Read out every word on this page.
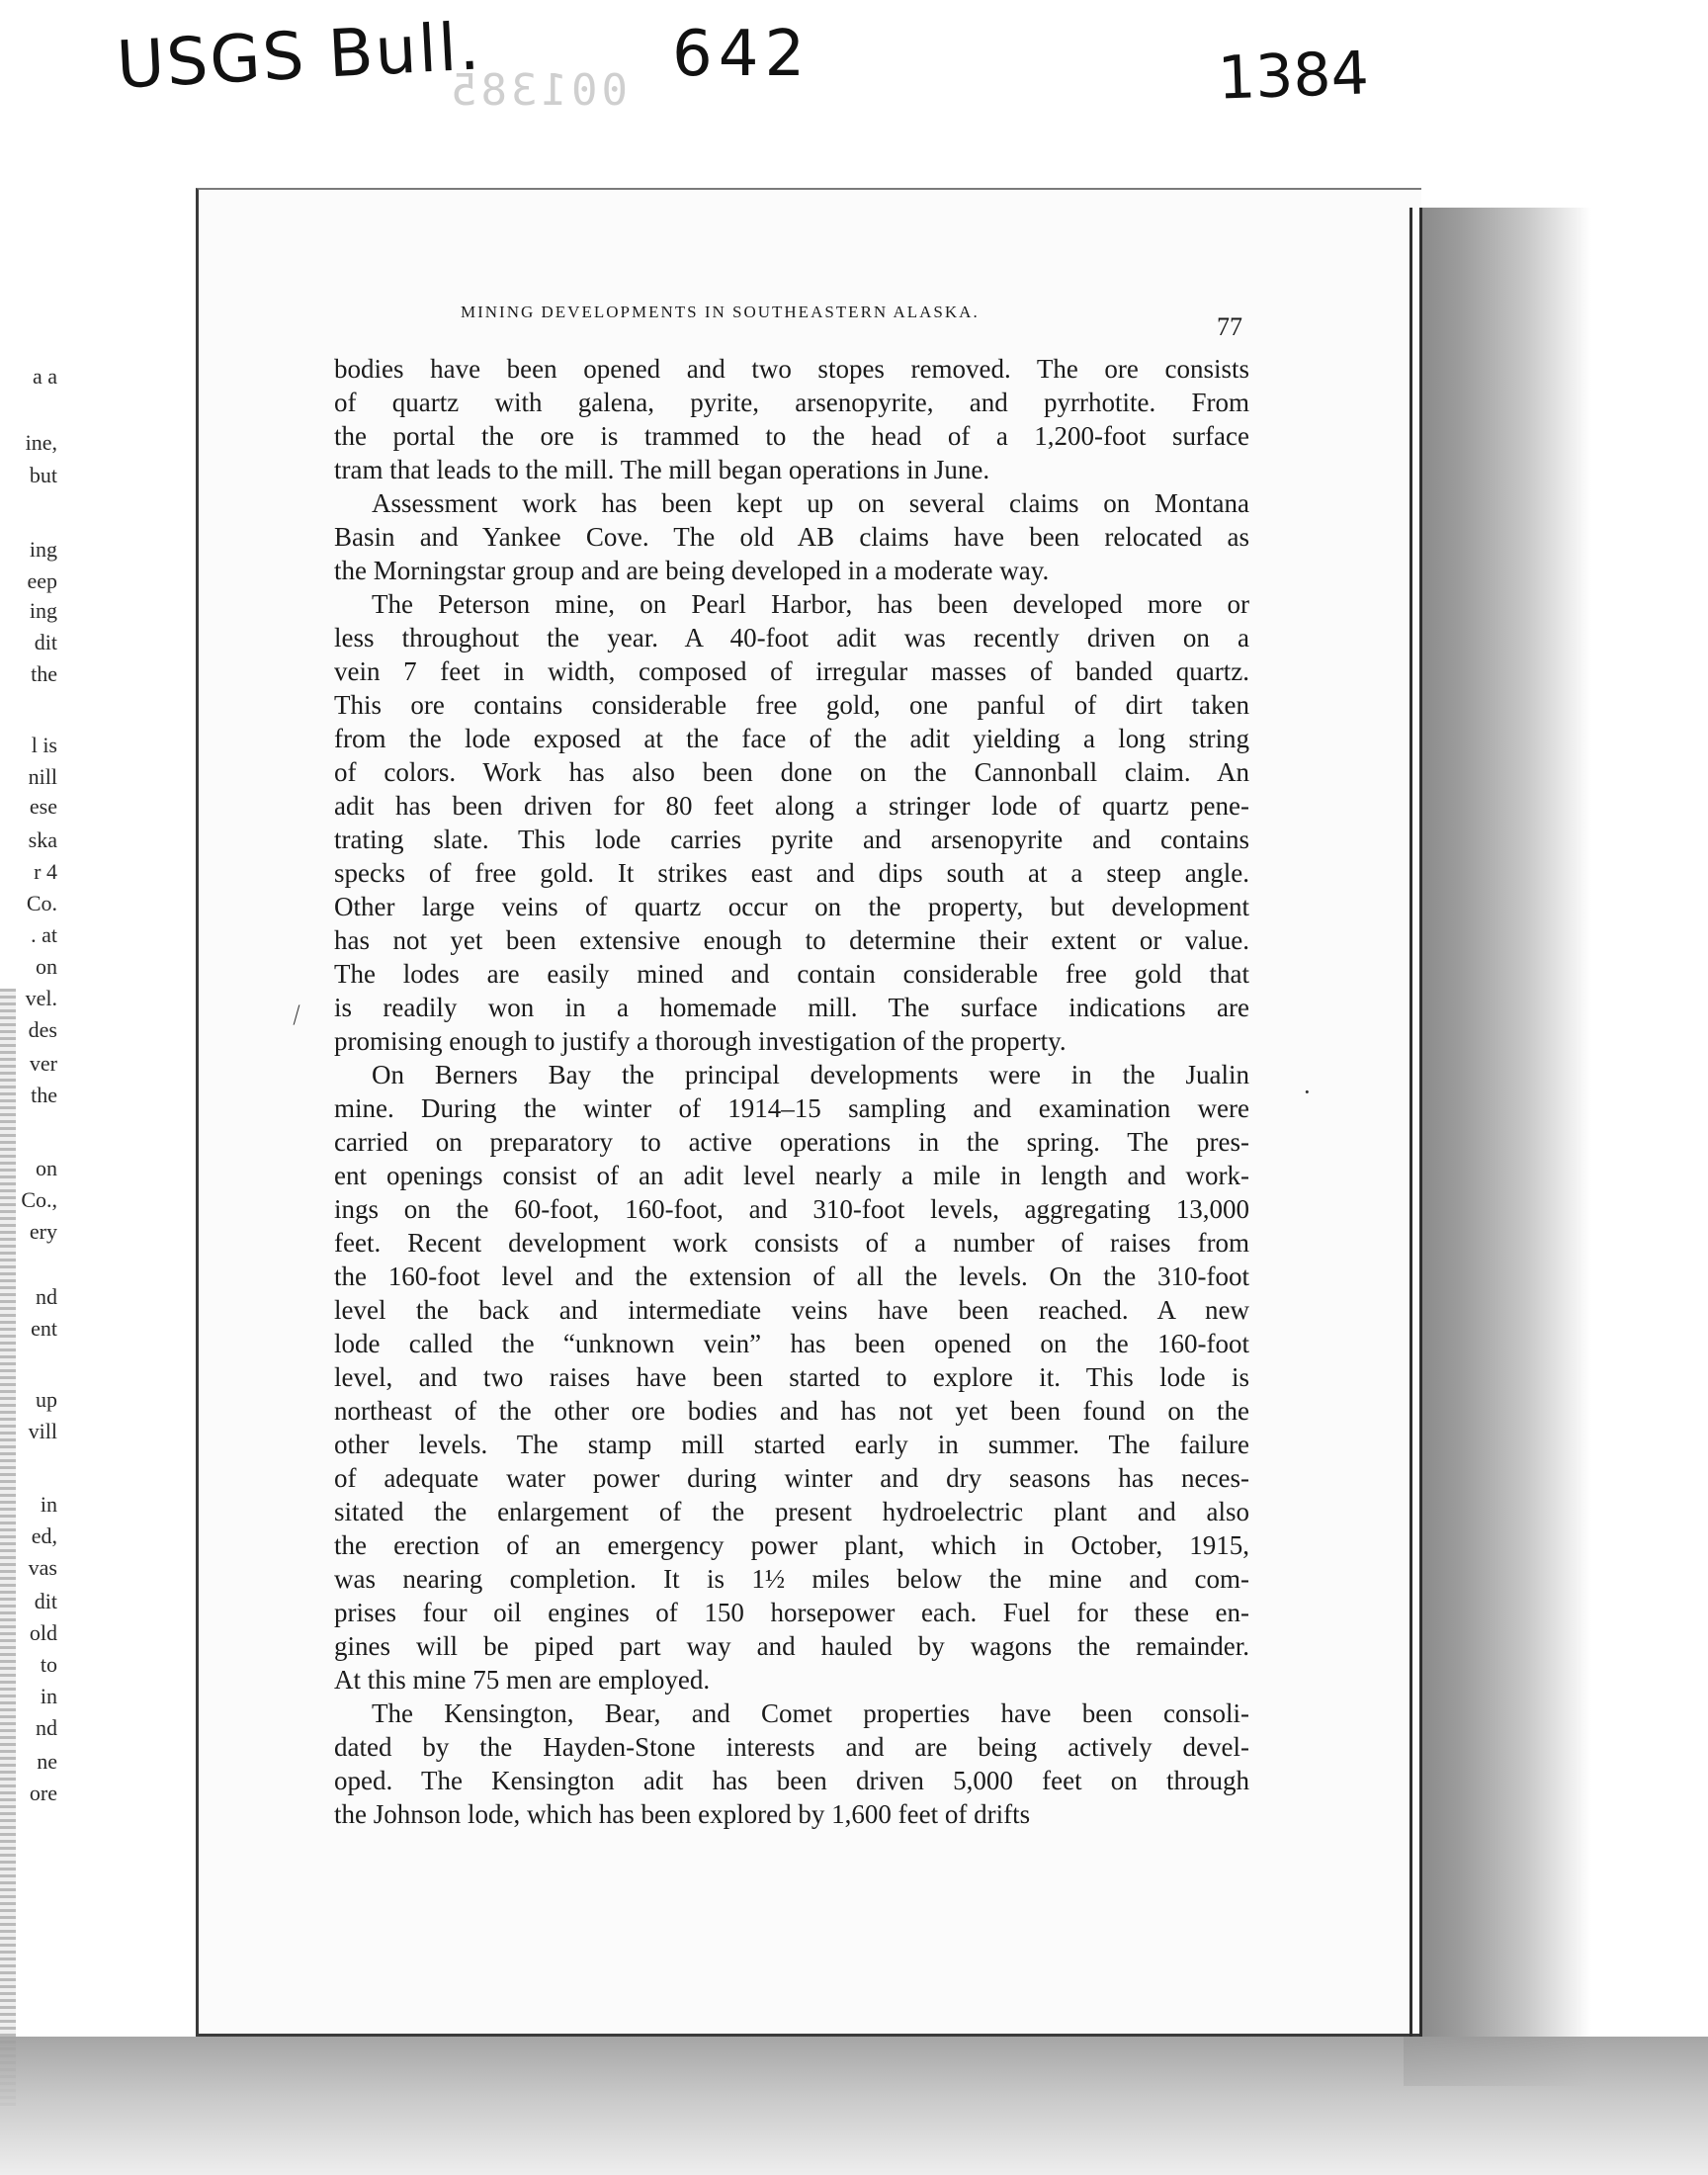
USGS Bull.	642	1384
001385
a a
ine,
but
ing
eep
ing
dit
the
l is
nill
ese
ska
r 4
Co.
. at
on
vel.
des
ver
the
on
Co.,
ery
nd
ent
up
vill
in
ed,
vas
dit
old
to
in
nd
ne
ore
MINING DEVELOPMENTS IN SOUTHEASTERN ALASKA.
77
bodies have been opened and two stopes removed. The ore consists
of quartz with galena, pyrite, arsenopyrite, and pyrrhotite. From
the portal the ore is trammed to the head of a 1,200-foot surface
tram that leads to the mill. The mill began operations in June.
Assessment work has been kept up on several claims on Montana
Basin and Yankee Cove. The old AB claims have been relocated as
the Morningstar group and are being developed in a moderate way.
The Peterson mine, on Pearl Harbor, has been developed more or
less throughout the year. A 40-foot adit was recently driven on a
vein 7 feet in width, composed of irregular masses of banded quartz.
This ore contains considerable free gold, one panful of dirt taken
from the lode exposed at the face of the adit yielding a long string
of colors. Work has also been done on the Cannonball claim. An
adit has been driven for 80 feet along a stringer lode of quartz pene-
trating slate. This lode carries pyrite and arsenopyrite and contains
specks of free gold. It strikes east and dips south at a steep angle.
Other large veins of quartz occur on the property, but development
has not yet been extensive enough to determine their extent or value.
The lodes are easily mined and contain considerable free gold that
is readily won in a homemade mill. The surface indications are
promising enough to justify a thorough investigation of the property.
On Berners Bay the principal developments were in the Jualin
mine. During the winter of 1914–15 sampling and examination were
carried on preparatory to active operations in the spring. The pres-
ent openings consist of an adit level nearly a mile in length and work-
ings on the 60-foot, 160-foot, and 310-foot levels, aggregating 13,000
feet. Recent development work consists of a number of raises from
the 160-foot level and the extension of all the levels. On the 310-foot
level the back and intermediate veins have been reached. A new
lode called the “unknown vein” has been opened on the 160-foot
level, and two raises have been started to explore it. This lode is
northeast of the other ore bodies and has not yet been found on the
other levels. The stamp mill started early in summer. The failure
of adequate water power during winter and dry seasons has neces-
sitated the enlargement of the present hydroelectric plant and also
the erection of an emergency power plant, which in October, 1915,
was nearing completion. It is 1½ miles below the mine and com-
prises four oil engines of 150 horsepower each. Fuel for these en-
gines will be piped part way and hauled by wagons the remainder.
At this mine 75 men are employed.
The Kensington, Bear, and Comet properties have been consoli-
dated by the Hayden-Stone interests and are being actively devel-
oped. The Kensington adit has been driven 5,000 feet on through
the Johnson lode, which has been explored by 1,600 feet of drifts
⁄
·
